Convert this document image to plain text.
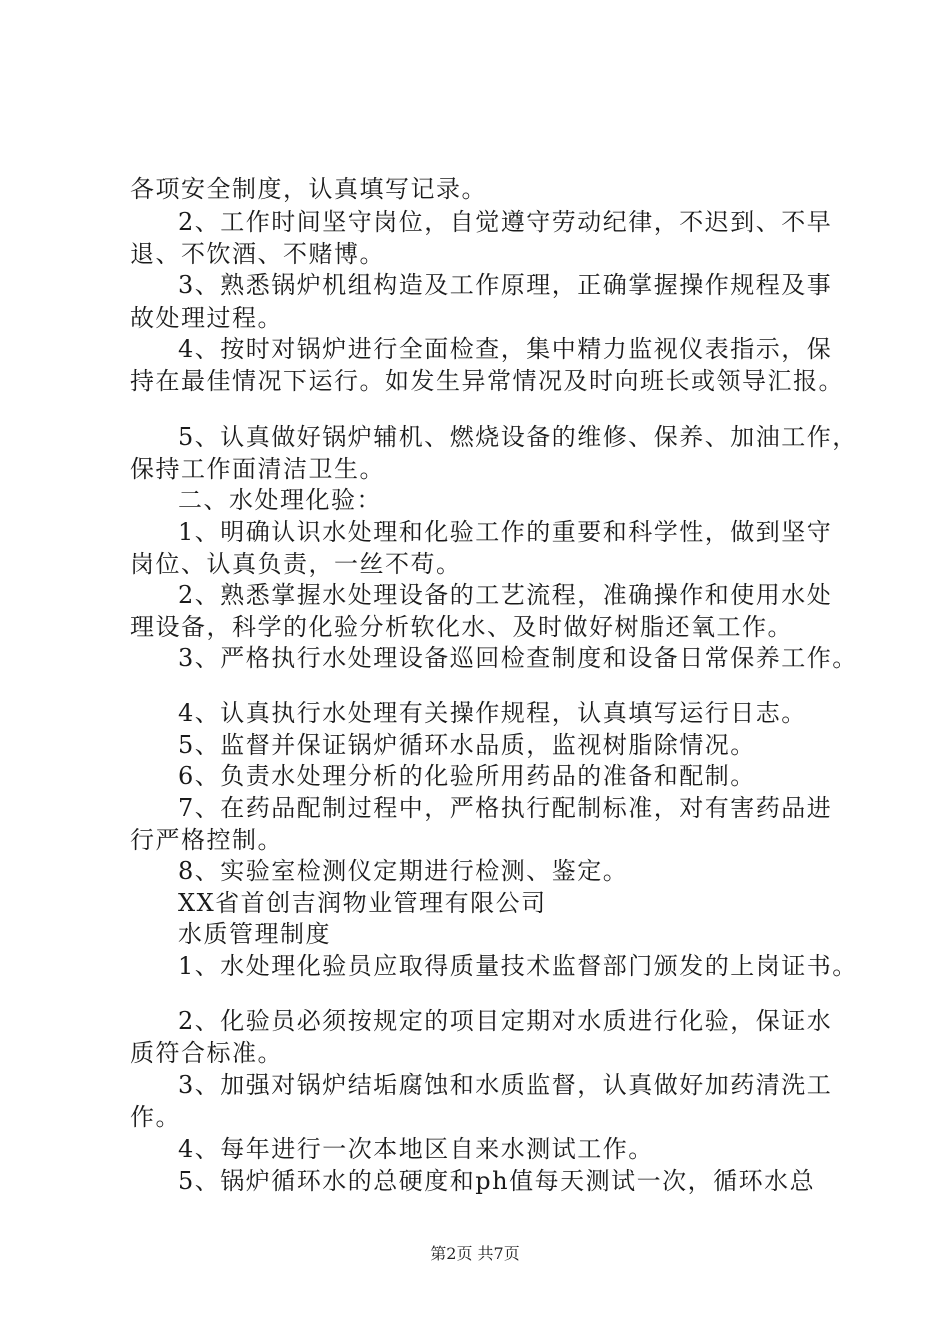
各项安全制度，认真填写记录。
2、工作时间坚守岗位，自觉遵守劳动纪律，不迟到、不早
退、不饮酒、不赌博。
3、熟悉锅炉机组构造及工作原理，正确掌握操作规程及事
故处理过程。
4、按时对锅炉进行全面检查，集中精力监视仪表指示，保
持在最佳情况下运行。如发生异常情况及时向班长或领导汇报。
5、认真做好锅炉辅机、燃烧设备的维修、保养、加油工作，
保持工作面清洁卫生。
二、水处理化验：
1、明确认识水处理和化验工作的重要和科学性，做到坚守
岗位、认真负责，一丝不苟。
2、熟悉掌握水处理设备的工艺流程，准确操作和使用水处
理设备，科学的化验分析软化水、及时做好树脂还氧工作。
3、严格执行水处理设备巡回检查制度和设备日常保养工作。
4、认真执行水处理有关操作规程，认真填写运行日志。
5、监督并保证锅炉循环水品质，监视树脂除情况。
6、负责水处理分析的化验所用药品的准备和配制。
7、在药品配制过程中，严格执行配制标准，对有害药品进
行严格控制。
8、实验室检测仪定期进行检测、鉴定。
XX省首创吉润物业管理有限公司
水质管理制度
1、水处理化验员应取得质量技术监督部门颁发的上岗证书。
2、化验员必须按规定的项目定期对水质进行化验，保证水
质符合标准。
3、加强对锅炉结垢腐蚀和水质监督，认真做好加药清洗工
作。
4、每年进行一次本地区自来水测试工作。
5、锅炉循环水的总硬度和ph值每天测试一次，循环水总
第2页 共7页
